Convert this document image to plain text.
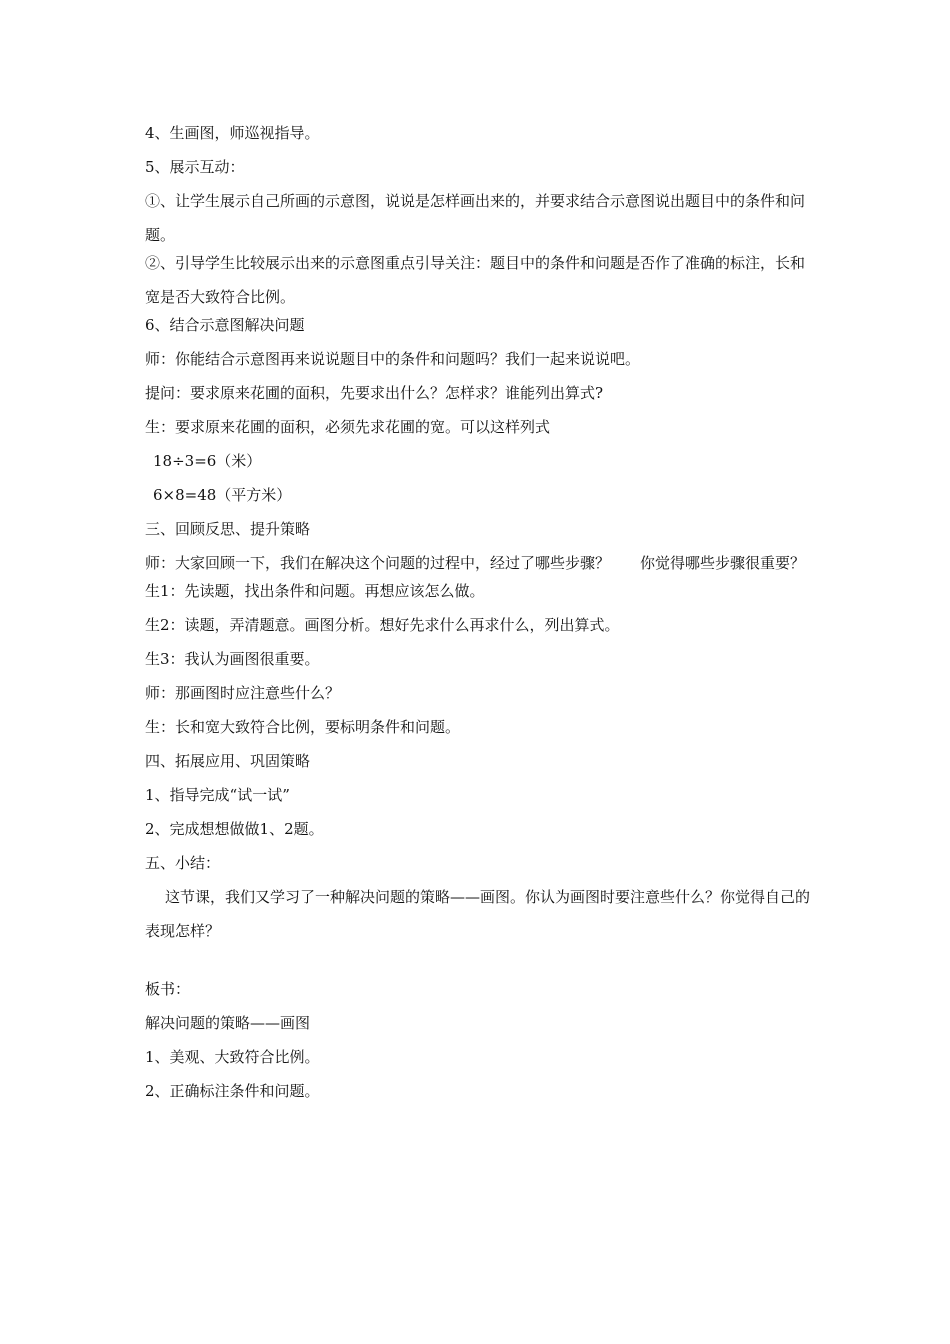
4、生画图，师巡视指导。

5、展示互动：

①、让学生展示自己所画的示意图，说说是怎样画出来的，并要求结合示意图说出题目中的条件和问题。

②、引导学生比较展示出来的示意图重点引导关注：题目中的条件和问题是否作了准确的标注，长和宽是否大致符合比例。

6、结合示意图解决问题

师：你能结合示意图再来说说题目中的条件和问题吗？我们一起来说说吧。

提问：要求原来花圃的面积，先要求出什么？怎样求？谁能列出算式?

生：要求原来花圃的面积，必须先求花圃的宽。可以这样列式

18÷3=6（米）

6×8=48（平方米）

三、回顾反思、提升策略

师：大家回顾一下，我们在解决这个问题的过程中，经过了哪些步骤？　　你觉得哪些步骤很重要？

生1：先读题，找出条件和问题。再想应该怎么做。

生2：读题，弄清题意。画图分析。想好先求什么再求什么，列出算式。

生3：我认为画图很重要。

师：那画图时应注意些什么？

生：长和宽大致符合比例，要标明条件和问题。

四、拓展应用、巩固策略

1、指导完成“试一试”

2、完成想想做做1、2题。

五、小结：

这节课，我们又学习了一种解决问题的策略——画图。你认为画图时要注意些什么？你觉得自己的表现怎样？

板书：

解决问题的策略——画图

1、美观、大致符合比例。

2、正确标注条件和问题。
